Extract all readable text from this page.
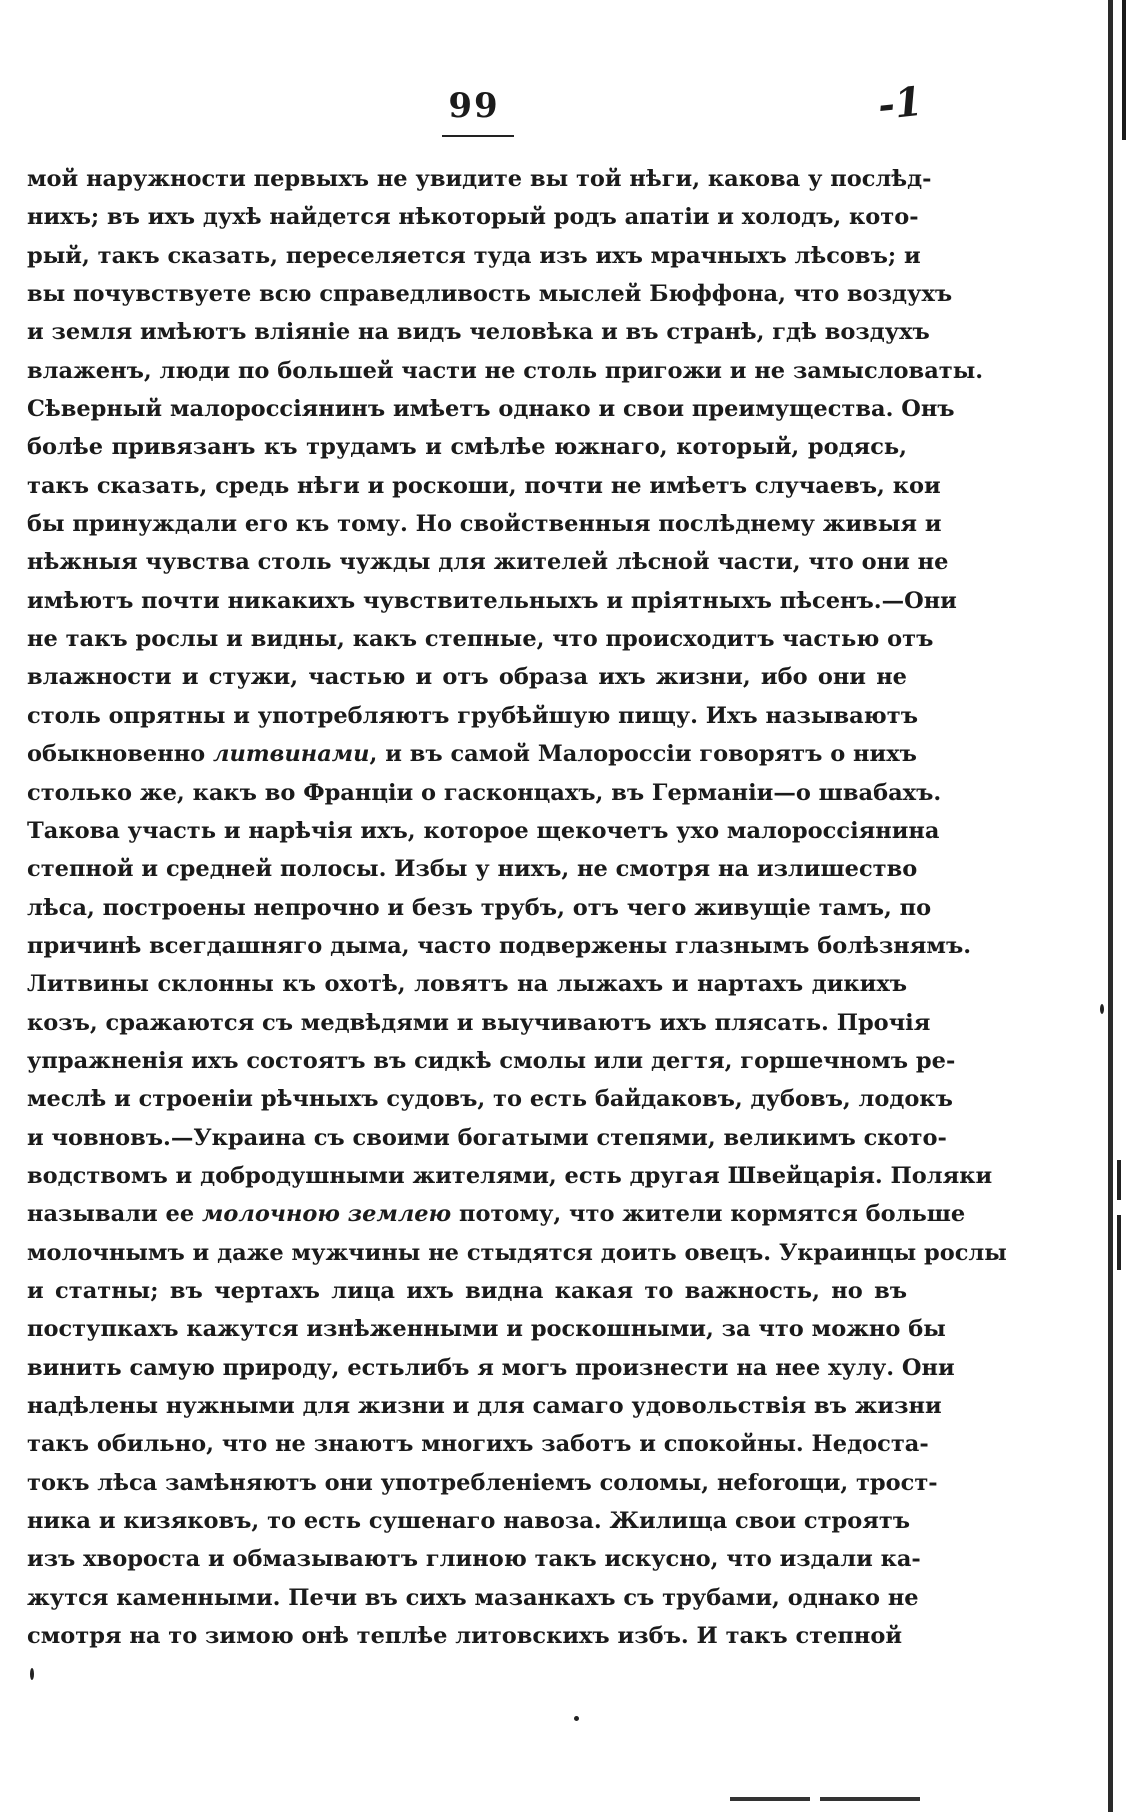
99	-1
мой наружности первыхъ не увидите вы той нѣги, какова у послѣд-
нихъ; въ ихъ духѣ найдется нѣкоторый родъ апатіи и холодъ, кото-
рый, такъ сказать, переселяется туда изъ ихъ мрачныхъ лѣсовъ; и
вы почувствуете всю справедливость мыслей Бюффона, что воздухъ
и земля имѣютъ вліяніе на видъ человѣка и въ странѣ, гдѣ воздухъ
влаженъ, люди по большей части не столь пригожи и не замысловаты.
Сѣверный малороссіянинъ имѣетъ однако и свои преимущества. Онъ
болѣе привязанъ къ трудамъ и смѣлѣе южнаго, который, родясь,
такъ сказать, средь нѣги и роскоши, почти не имѣетъ случаевъ, кои
бы принуждали его къ тому. Но свойственныя послѣднему живыя и
нѣжныя чувства столь чужды для жителей лѣсной части, что они не
имѣютъ почти никакихъ чувствительныхъ и пріятныхъ пѣсенъ.—Они
не такъ рослы и видны, какъ степные, что происходитъ частью отъ
влажности и стужи, частью и отъ образа ихъ жизни, ибо они не
столь опрятны и употребляютъ грубѣйшую пищу. Ихъ называютъ
обыкновенно литвинами, и въ самой Малороссіи говорятъ о нихъ
столько же, какъ во Франціи о гасконцахъ, въ Германіи—о швабахъ.
Такова участь и нарѣчія ихъ, которое щекочетъ ухо малороссіянина
степной и средней полосы. Избы у нихъ, не смотря на излишество
лѣса, построены непрочно и безъ трубъ, отъ чего живущіе тамъ, по
причинѣ всегдашняго дыма, часто подвержены глазнымъ болѣзнямъ.
Литвины склонны къ охотѣ, ловятъ на лыжахъ и нартахъ дикихъ
козъ, сражаются съ медвѣдями и выучиваютъ ихъ плясать. Прочія
упражненія ихъ состоятъ въ сидкѣ смолы или дегтя, горшечномъ ре-
меслѣ и строеніи рѣчныхъ судовъ, то есть байдаковъ, дубовъ, лодокъ
и човновъ.—Украина съ своими богатыми степями, великимъ ското-
водствомъ и добродушными жителями, есть другая Швейцарія. Поляки
называли ее молочною землею потому, что жители кормятся больше
молочнымъ и даже мужчины не стыдятся доить овецъ. Украинцы рослы
и статны; въ чертахъ лица ихъ видна какая то важность, но въ
поступкахъ кажутся изнѣженными и роскошными, за что можно бы
винить самую природу, естьлибъ я могъ произнести на нее хулу. Они
надѣлены нужными для жизни и для самаго удовольствія въ жизни
такъ обильно, что не знаютъ многихъ заботъ и спокойны. Недоста-
токъ лѣса замѣняютъ они употребленіемъ соломы, неforoщи, трост-
ника и кизяковъ, то есть сушенаго навоза. Жилища свои строятъ
изъ хвороста и обмазываютъ глиною такъ искусно, что издали ка-
жутся каменными. Печи въ сихъ мазанкахъ съ трубами, однако не
смотря на то зимою онѣ теплѣе литовскихъ избъ. И такъ степной
